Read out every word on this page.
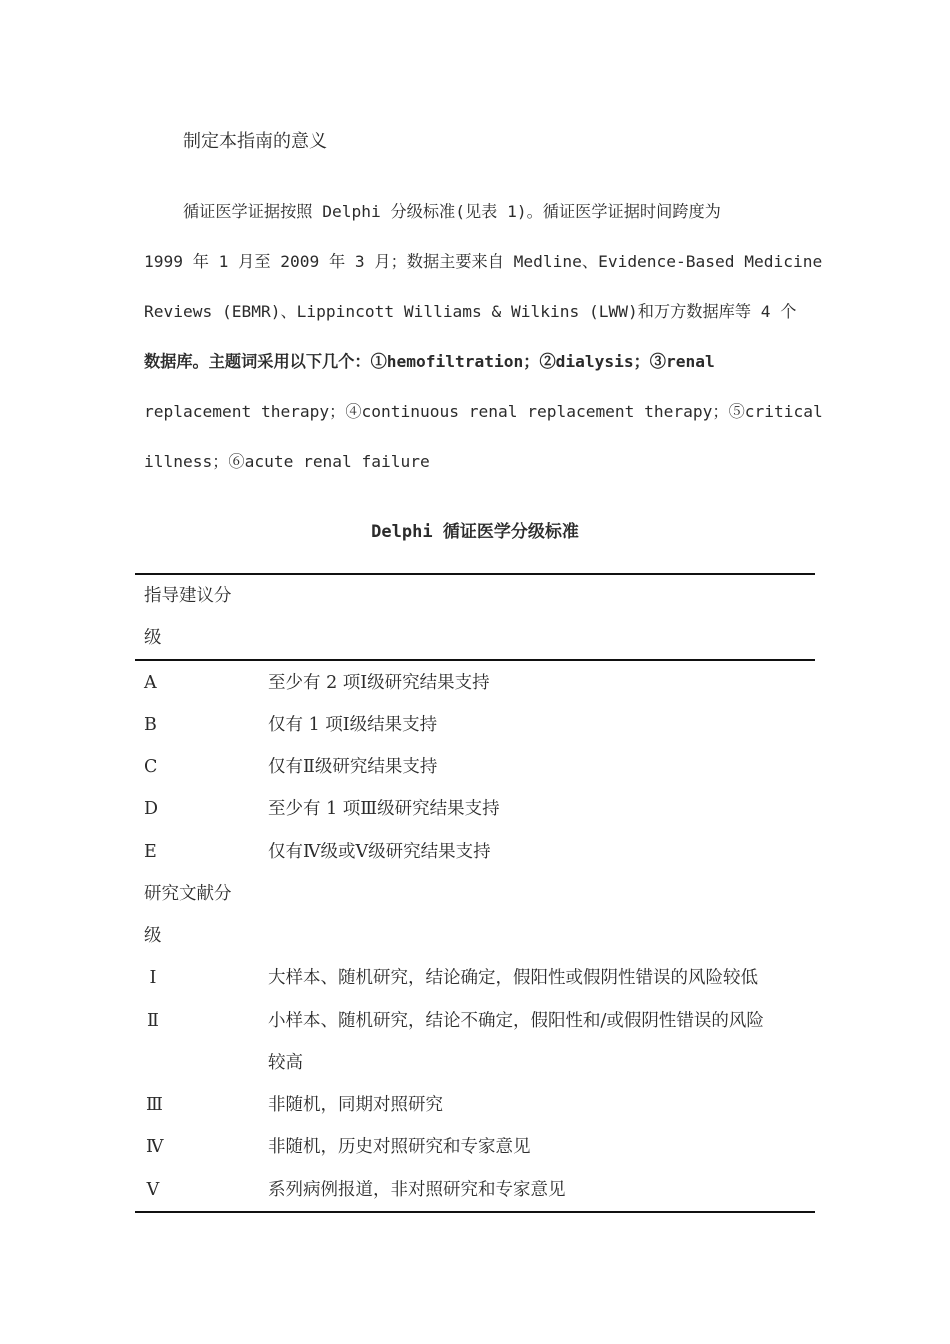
制定本指南的意义
循证医学证据按照 Delphi 分级标准(见表 1)。循证医学证据时间跨度为
1999 年 1 月至 2009 年 3 月；数据主要来自 Medline、Evidence-Based Medicine
Reviews (EBMR)、Lippincott Williams & Wilkins (LWW)和万方数据库等 4 个
数据库。主题词采用以下几个：①hemofiltration；②dialysis；③renal
replacement therapy；④continuous renal replacement therapy；⑤critical
illness；⑥acute renal failure
Delphi 循证医学分级标准
指导建议分
级
A	至少有 2 项Ⅰ级研究结果支持
B	仅有 1 项Ⅰ级结果支持
C	仅有Ⅱ级研究结果支持
D	至少有 1 项Ⅲ级研究结果支持
E	仅有Ⅳ级或Ⅴ级研究结果支持
研究文献分
级
Ⅰ	大样本、随机研究，结论确定，假阳性或假阴性错误的风险较低
Ⅱ	小样本、随机研究，结论不确定，假阳性和/或假阴性错误的风险
较高
Ⅲ	非随机，同期对照研究
Ⅳ	非随机，历史对照研究和专家意见
Ⅴ	系列病例报道，非对照研究和专家意见
